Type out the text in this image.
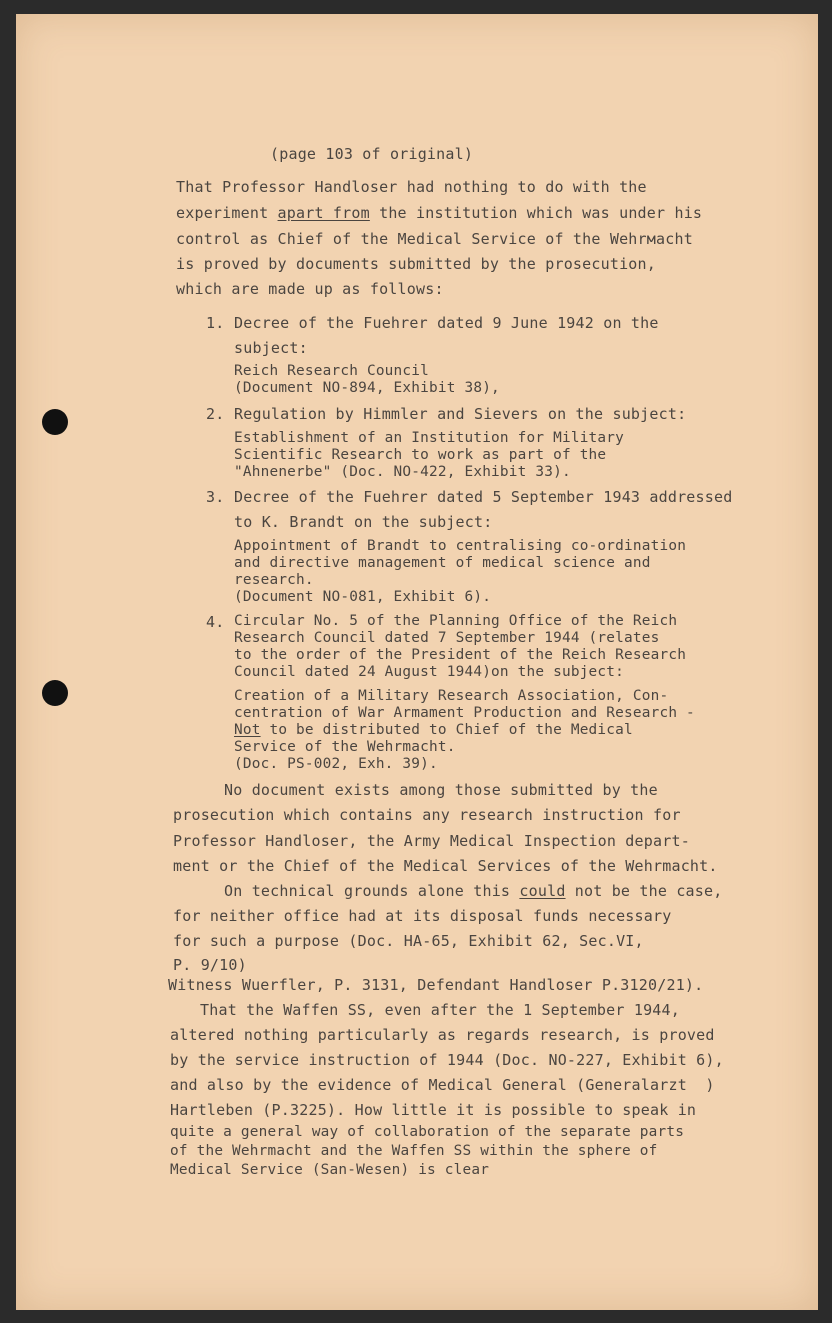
(page 103 of original)
That Professor Handloser had nothing to do with the
experiment apart from the institution which was under his
control as Chief of the Medical Service of the Wehrмacht
is proved by documents submitted by the prosecution,
which are made up as follows:
1. Decree of the Fuehrer dated 9 June 1942 on the
subject:
Reich Research Council
(Document NO-894, Exhibit 38),
2. Regulation by Himmler and Sievers on the subject:
Establishment of an Institution for Military
Scientific Research to work as part of the
"Ahnenerbe" (Doc. NO-422, Exhibit 33).
3. Decree of the Fuehrer dated 5 September 1943 addressed
to K. Brandt on the subject:
Appointment of Brandt to centralising co-ordination
and directive management of medical science and
research.
(Document NO-081, Exhibit 6).
4. Circular No. 5 of the Planning Office of the Reich
Research Council dated 7 September 1944 (relates
to the order of the President of the Reich Research
Council dated 24 August 1944)on the subject:
Creation of a Military Research Association, Con-
centration of War Armament Production and Research -
Not to be distributed to Chief of the Medical
Service of the Wehrmacht.
(Doc. PS-002, Exh. 39).
No document exists among those submitted by the
prosecution which contains any research instruction for
Professor Handloser, the Army Medical Inspection depart-
ment or the Chief of the Medical Services of the Wehrmacht.
On technical grounds alone this could not be the case,
for neither office had at its disposal funds necessary
for such a purpose (Doc. HA-65, Exhibit 62, Sec.VI,
P. 9/10)
Witness Wuerfler, P. 3131, Defendant Handloser P.3120/21).
That the Waffen SS, even after the 1 September 1944,
altered nothing particularly as regards research, is proved
by the service instruction of 1944 (Doc. NO-227, Exhibit 6),
and also by the evidence of Medical General (Generalarzt  )
Hartleben (P.3225). How little it is possible to speak in
quite a general way of collaboration of the separate parts
of the Wehrmacht and the Waffen SS within the sphere of
Medical Service (San-Wesen) is clear
